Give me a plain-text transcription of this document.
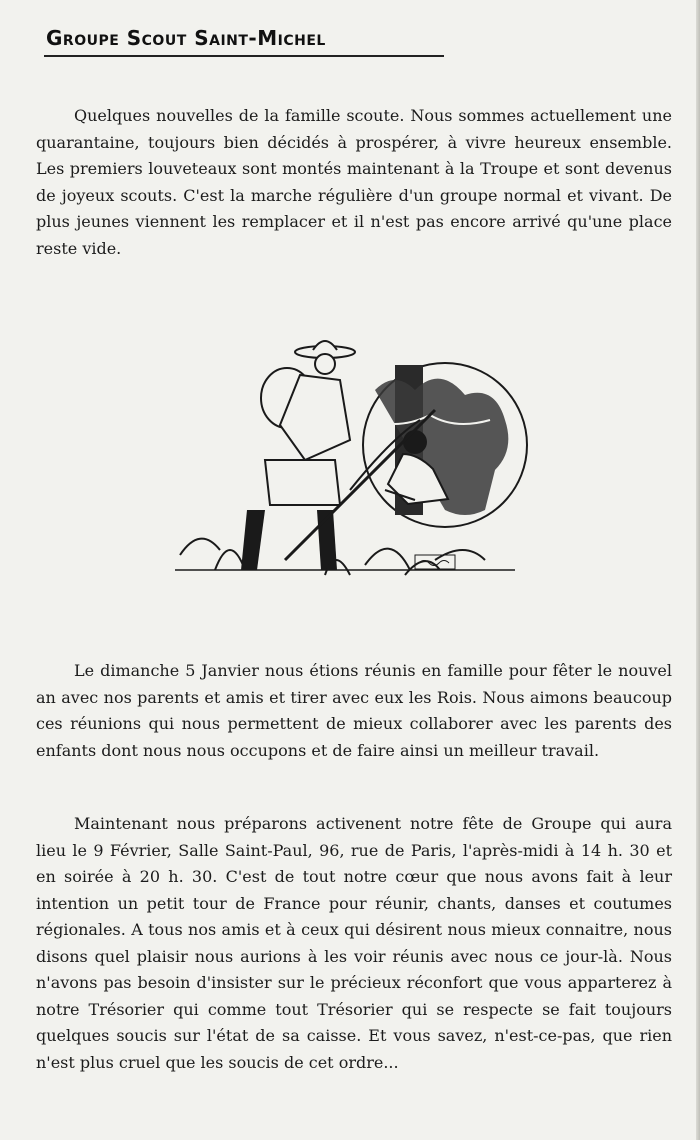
Groupe Scout Saint-Michel

Quelques nouvelles de la famille scoute. Nous sommes actuellement une quarantaine, toujours bien décidés à prospérer, à vivre heureux ensemble. Les premiers louveteaux sont montés maintenant à la Troupe et sont devenus de joyeux scouts. C'est la marche régulière d'un groupe normal et vivant. De plus jeunes viennent les remplacer et il n'est pas encore arrivé qu'une place reste vide.

Le dimanche 5 Janvier nous étions réunis en famille pour fêter le nouvel an avec nos parents et amis et tirer avec eux les Rois. Nous aimons beaucoup ces réunions qui nous permettent de mieux collaborer avec les parents des enfants dont nous nous occupons et de faire ainsi un meilleur travail.

Maintenant nous préparons activenent notre fête de Groupe qui aura lieu le 9 Février, Salle Saint-Paul, 96, rue de Paris, l'après-midi à 14 h. 30 et en soirée à 20 h. 30. C'est de tout notre cœur que nous avons fait à leur intention un petit tour de France pour réunir, chants, danses et coutumes régionales. A tous nos amis et à ceux qui désirent nous mieux connaitre, nous disons quel plaisir nous aurions à les voir réunis avec nous ce jour-là. Nous n'avons pas besoin d'insister sur le précieux réconfort que vous apparterez à notre Trésorier qui comme tout Trésorier qui se respecte se fait toujours quelques soucis sur l'état de sa caisse. Et vous savez, n'est-ce-pas, que rien n'est plus cruel que les soucis de cet ordre...
